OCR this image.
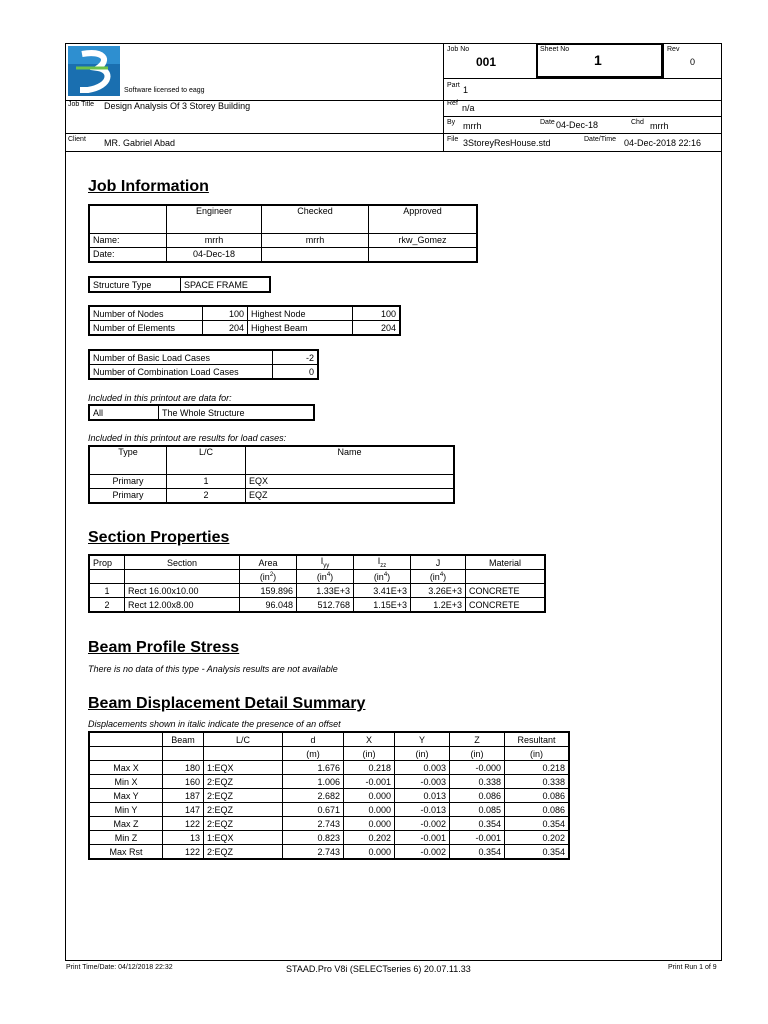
Software licensed to eagg
Job No
001
Sheet No
1
Rev
0
Part 1
Job Title Design Analysis Of 3 Storey Building	Ref n/a
By mrrh	Date 04-Dec-18	Chd mrrh
Client MR. Gabriel Abad	File 3StoreyResHouse.std	Date/Time 04-Dec-2018 22:16
Job Information
	Engineer	Checked	Approved
Name:	mrrh	mrrh	rkw_Gomez
Date:	04-Dec-18		
Structure Type	SPACE FRAME
Number of Nodes	100	Highest Node	100
Number of Elements	204	Highest Beam	204
Number of Basic Load Cases	-2
Number of Combination Load Cases	0
Included in this printout are data for:
All	The Whole Structure
Included in this printout are results for load cases:
Type	L/C	Name
Primary	1	EQX
Primary	2	EQZ
Section Properties
Prop	Section	Area	$I_{yy}$	$I_{zz}$	J	Material
		$(in^2)$	$(in^4)$	$(in^4)$	$(in^4)$	
1	Rect 16.00x10.00	159.896	1.33E+3	3.41E+3	3.26E+3	CONCRETE
2	Rect 12.00x8.00	96.048	512.768	1.15E+3	1.2E+3	CONCRETE
Beam Profile Stress
There is no data of this type - Analysis results are not available
Beam Displacement Detail Summary
Displacements shown in italic indicate the presence of an offset
	Beam	L/C	d	X	Y	Z	Resultant
			(m)	(in)	(in)	(in)	(in)
Max X	180	1:EQX	1.676	0.218	0.003	-0.000	0.218
Min X	160	2:EQZ	1.006	-0.001	-0.003	0.338	0.338
Max Y	187	2:EQZ	2.682	0.000	0.013	0.086	0.086
Min Y	147	2:EQZ	0.671	0.000	-0.013	0.085	0.086
Max Z	122	2:EQZ	2.743	0.000	-0.002	0.354	0.354
Min Z	13	1:EQX	0.823	0.202	-0.001	-0.001	0.202
Max Rst	122	2:EQZ	2.743	0.000	-0.002	0.354	0.354
Print Time/Date: 04/12/2018 22:32	STAAD.Pro V8i (SELECTseries 6) 20.07.11.33	Print Run 1 of 9
